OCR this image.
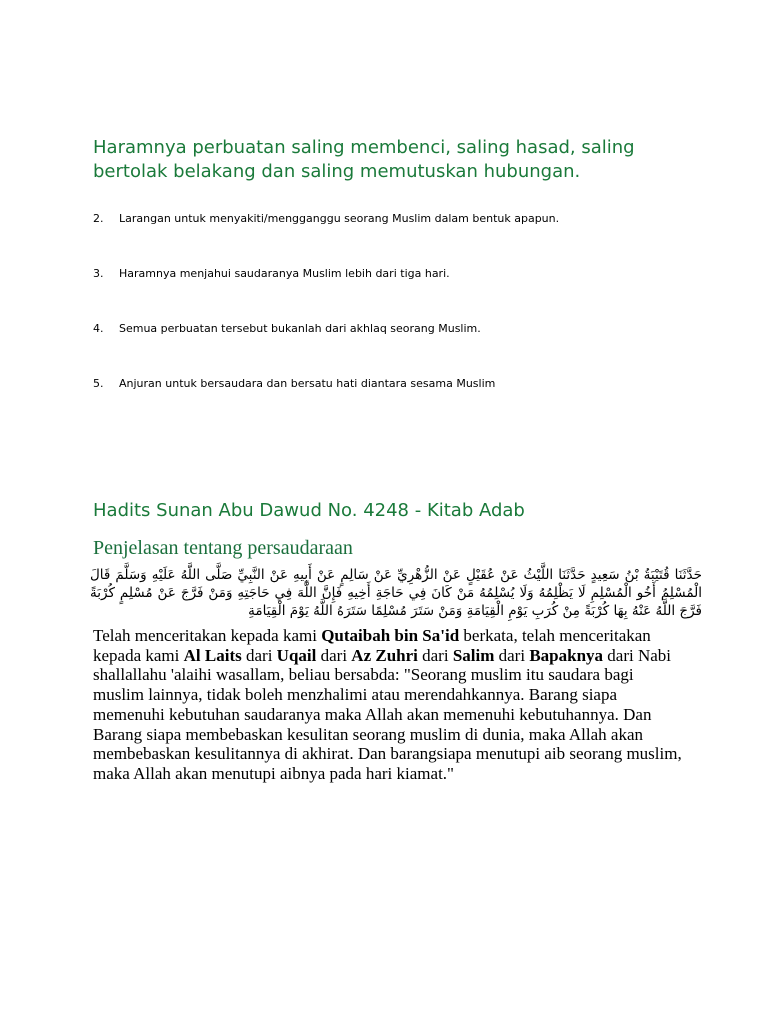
Haramnya perbuatan saling membenci, saling hasad, saling bertolak belakang dan saling memutuskan hubungan.
2. Larangan untuk menyakiti/mengganggu seorang Muslim dalam bentuk apapun.
3. Haramnya menjahui saudaranya Muslim lebih dari tiga hari.
4. Semua perbuatan tersebut bukanlah dari akhlaq seorang Muslim.
5. Anjuran untuk bersaudara dan bersatu hati diantara sesama Muslim
Hadits Sunan Abu Dawud No. 4248 - Kitab Adab
Penjelasan tentang persaudaraan

حَدَّثَنَا قُتَيْبَةُ بْنُ سَعِيدٍ حَدَّثَنَا اللَّيْثُ عَنْ عُقَيْلٍ عَنْ الزُّهْرِيِّ عَنْ سَالِمٍ عَنْ أَبِيهِ عَنْ النَّبِيِّ صَلَّى اللَّهُ عَلَيْهِ وَسَلَّمَ قَالَ الْمُسْلِمُ أَخُو الْمُسْلِمِ لَا يَظْلِمُهُ وَلَا يُسْلِمُهُ مَنْ كَانَ فِي حَاجَةِ أَخِيهِ فَإِنَّ اللَّهَ فِي حَاجَتِهِ وَمَنْ فَرَّجَ عَنْ مُسْلِمٍ كُرْبَةً فَرَّجَ اللَّهُ عَنْهُ بِهَا كُرْبَةً مِنْ كُرَبِ يَوْمِ الْقِيَامَةِ وَمَنْ سَتَرَ مُسْلِمًا سَتَرَهُ اللَّهُ يَوْمَ الْقِيَامَةِ

Telah menceritakan kepada kami Qutaibah bin Sa'id berkata, telah menceritakan kepada kami Al Laits dari Uqail dari Az Zuhri dari Salim dari Bapaknya dari Nabi shallallahu 'alaihi wasallam, beliau bersabda: "Seorang muslim itu saudara bagi muslim lainnya, tidak boleh menzhalimi atau merendahkannya. Barang siapa memenuhi kebutuhan saudaranya maka Allah akan memenuhi kebutuhannya. Dan Barang siapa membebaskan kesulitan seorang muslim di dunia, maka Allah akan membebaskan kesulitannya di akhirat. Dan barangsiapa menutupi aib seorang muslim, maka Allah akan menutupi aibnya pada hari kiamat."
